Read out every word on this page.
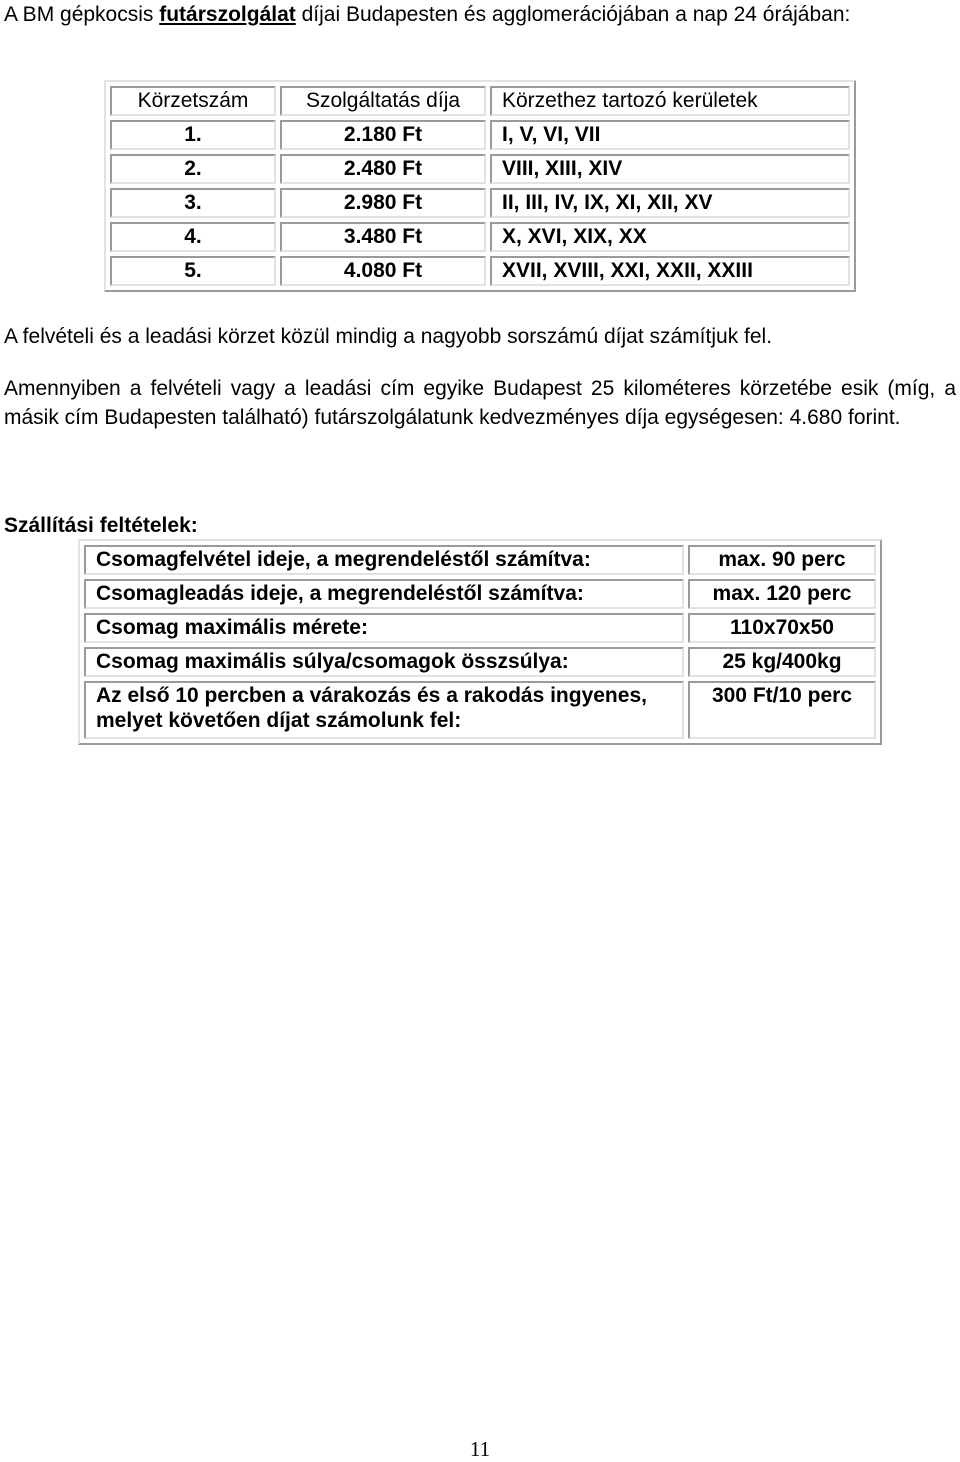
A BM gépkocsis futárszolgálat díjai Budapesten és agglomerációjában a nap 24 órájában:

Körzetszám	Szolgáltatás díja	Körzethez tartozó kerületek
1.	2.180 Ft	I, V, VI, VII
2.	2.480 Ft	VIII, XIII, XIV
3.	2.980 Ft	II, III, IV, IX, XI, XII, XV
4.	3.480 Ft	X, XVI, XIX, XX
5.	4.080 Ft	XVII, XVIII, XXI, XXII, XXIII

A felvételi és a leadási körzet közül mindig a nagyobb sorszámú díjat számítjuk fel.

Amennyiben a felvételi vagy a leadási cím egyike Budapest 25 kilométeres körzetébe esik (míg, a másik cím Budapesten található) futárszolgálatunk kedvezményes díja egységesen: 4.680 forint.

Szállítási feltételek:

Csomagfelvétel ideje, a megrendeléstől számítva:	max. 90 perc
Csomagleadás ideje, a megrendeléstől számítva:	max. 120 perc
Csomag maximális mérete:	110x70x50
Csomag maximális súlya/csomagok összsúlya:	25 kg/400kg
Az első 10 percben a várakozás és a rakodás ingyenes, melyet követően díjat számolunk fel:	300 Ft/10 perc
11
